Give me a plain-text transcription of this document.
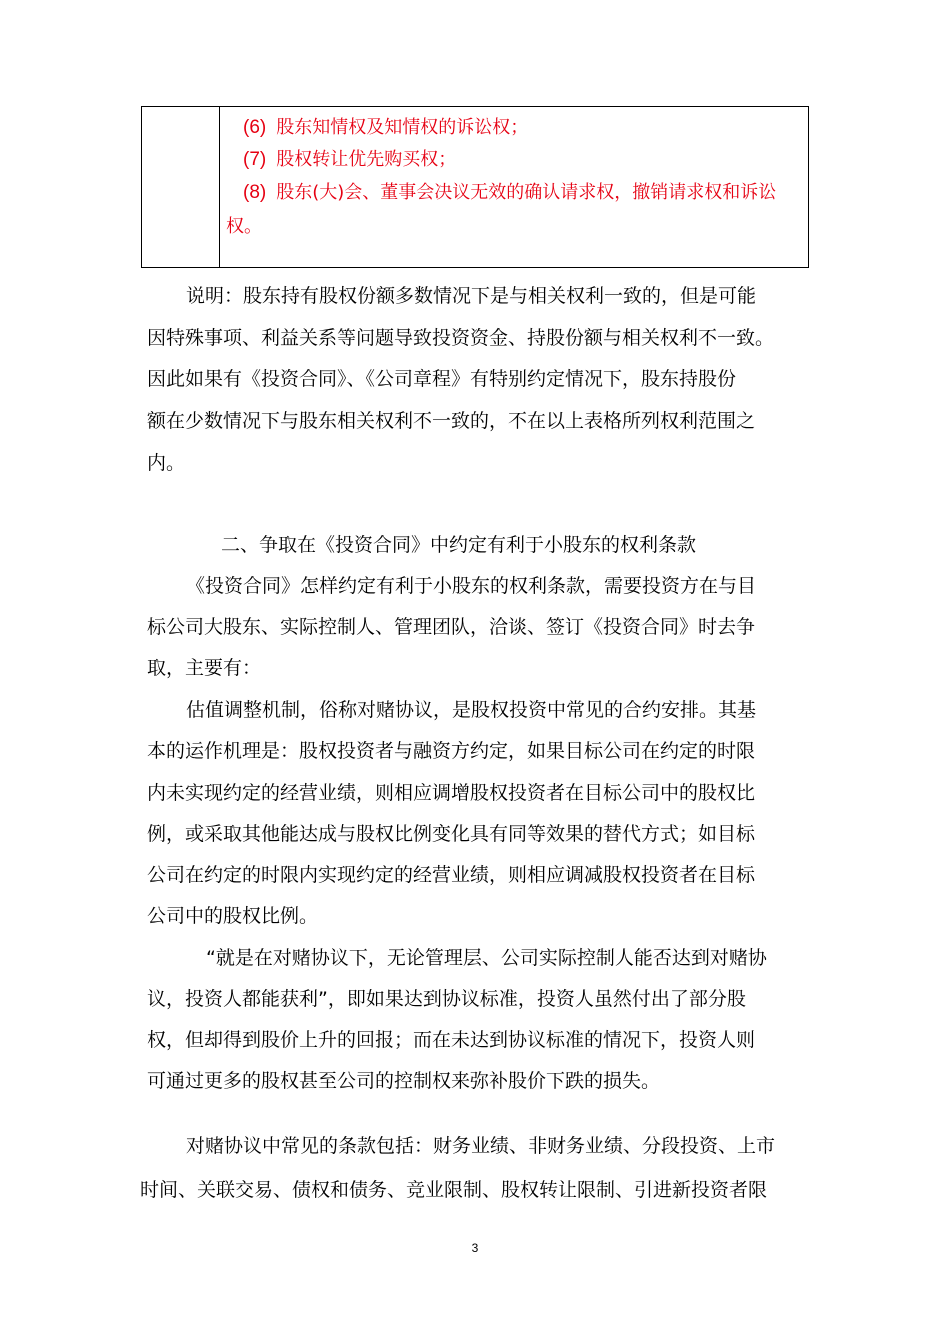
(6) 股东知情权及知情权的诉讼权；
(7) 股权转让优先购买权；
(8) 股东(大)会、董事会决议无效的确认请求权，撤销请求权和诉讼
权。
说明：股东持有股权份额多数情况下是与相关权利一致的，但是可能
因特殊事项、利益关系等问题导致投资资金、持股份额与相关权利不一致。
因此如果有《投资合同》、《公司章程》有特别约定情况下，股东持股份
额在少数情况下与股东相关权利不一致的，不在以上表格所列权利范围之
内。
二、争取在《投资合同》中约定有利于小股东的权利条款
《投资合同》怎样约定有利于小股东的权利条款，需要投资方在与目
标公司大股东、实际控制人、管理团队，洽谈、签订《投资合同》时去争
取，主要有：
估值调整机制，俗称对赌协议，是股权投资中常见的合约安排。其基
本的运作机理是：股权投资者与融资方约定，如果目标公司在约定的时限
内未实现约定的经营业绩，则相应调增股权投资者在目标公司中的股权比
例，或采取其他能达成与股权比例变化具有同等效果的替代方式；如目标
公司在约定的时限内实现约定的经营业绩，则相应调减股权投资者在目标
公司中的股权比例。
“就是在对赌协议下，无论管理层、公司实际控制人能否达到对赌协
议，投资人都能获利”，即如果达到协议标准，投资人虽然付出了部分股
权，但却得到股价上升的回报；而在未达到协议标准的情况下，投资人则
可通过更多的股权甚至公司的控制权来弥补股价下跌的损失。
对赌协议中常见的条款包括：财务业绩、非财务业绩、分段投资、上市
时间、关联交易、债权和债务、竞业限制、股权转让限制、引进新投资者限
3
